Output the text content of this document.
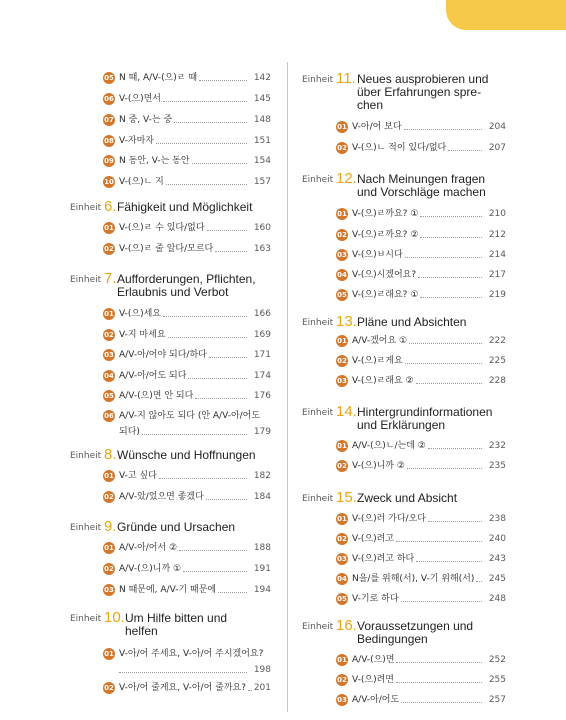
05 N 때, A/V-(으)ㄹ 때	142
06 V-(으)면서	145
07 N 중, V-는 중	148
08 V-자마자	151
09 N 동안, V-는 동안	154
10 V-(으)ㄴ 지	157
Einheit 6. Fähigkeit und Möglichkeit
01 V-(으)ㄹ 수 있다/없다	160
02 V-(으)ㄹ 줄 알다/모르다	163
Einheit 7. Aufforderungen, Pflichten,
Erlaubnis und Verbot
01 V-(으)세요	166
02 V-지 마세요	169
03 A/V-아/어야 되다/하다	171
04 A/V-아/어도 되다	174
05 A/V-(으)면 안 되다	176
06 A/V-지 않아도 되다 (안 A/V-아/어도
되다)	179
Einheit 8. Wünsche und Hoffnungen
01 V-고 싶다	182
02 A/V-았/었으면 좋겠다	184
Einheit 9. Gründe und Ursachen
01 A/V-아/어서 ②	188
02 A/V-(으)니까 ①	191
03 N 때문에, A/V-기 때문에	194
Einheit 10. Um Hilfe bitten und
helfen
01 V-아/어 주세요, V-아/어 주시겠어요?
198
02 V-아/어 줄게요, V-아/어 줄까요? 201
Einheit 11. Neues ausprobieren und
über Erfahrungen spre-
chen
01 V-아/어 보다	204
02 V-(으)ㄴ 적이 있다/없다	207
Einheit 12. Nach Meinungen fragen
und Vorschläge machen
01 V-(으)ㄹ까요? ①	210
02 V-(으)ㄹ까요? ②	212
03 V-(으)ㅂ시다	214
04 V-(으)시겠어요?	217
05 V-(으)ㄹ래요? ①	219
Einheit 13. Pläne und Absichten
01 A/V-겠어요 ①	222
02 V-(으)ㄹ게요	225
03 V-(으)ㄹ래요 ②	228
Einheit 14. Hintergrundinformationen
und Erklärungen
01 A/V-(으)ㄴ/는데 ②	232
02 V-(으)니까 ②	235
Einheit 15. Zweck und Absicht
01 V-(으)러 가다/오다	238
02 V-(으)려고	240
03 V-(으)려고 하다	243
04 N을/를 위해(서), V-기 위해(서)	245
05 V-기로 하다	248
Einheit 16. Voraussetzungen und
Bedingungen
01 A/V-(으)면	252
02 V-(으)려면	255
03 A/V-아/어도	257
